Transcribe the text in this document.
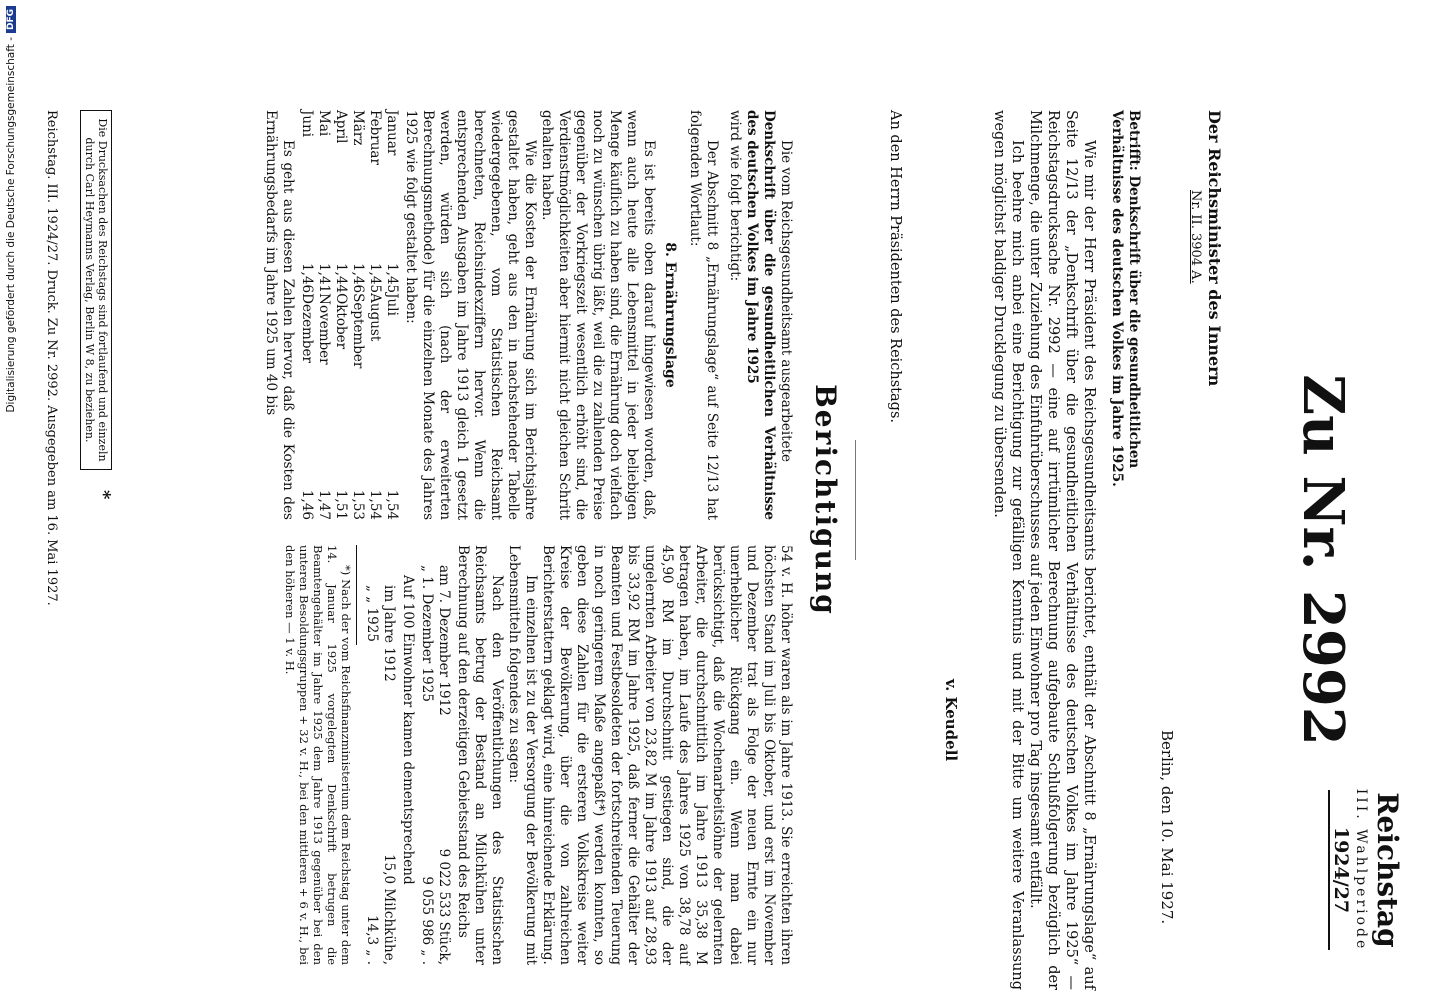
Reichstag
III. Wahlperiode
1924/27
Zu Nr. 2992
Der Reichsminister des Innern
Nr. II. 3904 A.
Berlin, den 10. Mai 1927.
Betrifft: Denkschrift über die gesundheitlichen Verhältnisse des deutschen Volkes im Jahre 1925.

Wie mir der Herr Präsident des Reichsgesundheitsamts berichtet, enthält der Abschnitt 8 „Ernährungslage“ auf Seite 12/13 der „Denkschrift über die gesundheitlichen Verhältnisse des deutschen Volkes im Jahre 1925“ — Reichstagsdrucksache Nr. 2992 — eine auf irrtümlicher Berechnung aufgebaute Schlußfolgerung bezüglich der Milchmenge, die unter Zuziehung des Einfuhrüberschusses auf jeden Einwohner pro Tag insgesamt entfällt.

Ich beehre mich anbei eine Berichtigung zur gefälligen Kenntnis und mit der Bitte um weitere Veranlassung wegen möglichst baldiger Drucklegung zu übersenden.

v. Keudell
An den Herrn Präsidenten des Reichstags.
Berichtigung

Die vom Reichsgesundheitsamt ausgearbeitete

Denkschrift über die gesundheitlichen Verhältnisse des deutschen Volkes im Jahre 1925

wird wie folgt berichtigt:

Der Abschnitt 8 „Ernährungslage“ auf Seite 12/13 hat folgenden Wortlaut:

8. Ernährungslage

Es ist bereits oben darauf hingewiesen worden, daß, wenn auch heute alle Lebensmittel in jeder beliebigen Menge käuflich zu haben sind, die Ernährung doch vielfach noch zu wünschen übrig läßt, weil die zu zahlenden Preise gegenüber der Vorkriegszeit wesentlich erhöht sind, die Verdienstmöglichkeiten aber hiermit nicht gleichen Schritt gehalten haben.

Wie die Kosten der Ernährung sich im Berichtsjahre gestaltet haben, geht aus den in nachstehender Tabelle wiedergegebenen, vom Statistischen Reichsamt berechneten, Reichsindexziffern hervor. Wenn die entsprechenden Ausgaben im Jahre 1913 gleich 1 gesetzt werden, würden sich (nach der erweiterten Berechnungsmethode) für die einzelnen Monate des Jahres 1925 wie folgt gestaltet haben:

Januar	1,45	Juli	1,54
Februar	1,45	August	1,54
März	1,46	September	1,53
April	1,44	Oktober	1,51
Mai	1,41	November	1,47
Juni	1,46	Dezember	1,46

Es geht aus diesen Zahlen hervor, daß die Kosten des Ernährungsbedarfs im Jahre 1925 um 40 bis

54 v. H. höher waren als im Jahre 1913. Sie erreichten ihren höchsten Stand im Juli bis Oktober, und erst im November und Dezember trat als Folge der neuen Ernte ein nur unerheblicher Rückgang ein. Wenn man dabei berücksichtigt, daß die Wochenarbeitslöhne der gelernten Arbeiter, die durchschnittlich im Jahre 1913 35,38 M betragen haben, im Laufe des Jahres 1925 von 38,78 auf 45,90 RM im Durchschnitt gestiegen sind, die der ungelernten Arbeiter von 23,82 M im Jahre 1913 auf 28,93 bis 33,92 RM im Jahre 1925, daß ferner die Gehälter der Beamten und Festbesoldeten der fortschreitenden Teuerung in noch geringerem Maße angepaßt*) werden konnten, so geben diese Zahlen für die ersteren Volkskreise weiter Kreise der Bevölkerung, über die von zahlreichen Berichterstattern geklagt wird, eine hinreichende Erklärung.

Im einzelnen ist zu der Versorgung der Bevölkerung mit Lebensmitteln folgendes zu sagen:

Nach den Veröffentlichungen des Statistischen Reichsamts betrug der Bestand an Milchkühen unter Berechnung auf den derzeitigen Gebietsstand des Reichs

am 7. Dezember 1912	9 022 533 Stück,
„ 1. Dezember 1925	9 055 986 „ .

Auf 100 Einwohner kamen dementsprechend

im Jahre 1912	15,0 Milchkühe,
„ „ 1925	14,3 „ .

*) Nach der vom Reichsfinanzministerium dem Reichstag unter dem 14. Januar 1925 vorgelegten Denkschrift betrugen die Beamtengehälter im Jahre 1925 dem Jahre 1913 gegenüber bei den unteren Besoldungsgruppen + 32 v. H., bei den mittleren + 6 v. H., bei den höheren — 1 v. H.

Die Drucksachen des Reichstags sind fortlaufend und einzeln durch Carl Heymanns Verlag, Berlin W 8, zu beziehen.
*
Reichstag. III. 1924/27. Druck. Zu Nr. 2992. Ausgegeben am 16. Mai 1927.
Digitalisierung gefördert durch die Deutsche Forschungsgemeinschaft -
DFG
